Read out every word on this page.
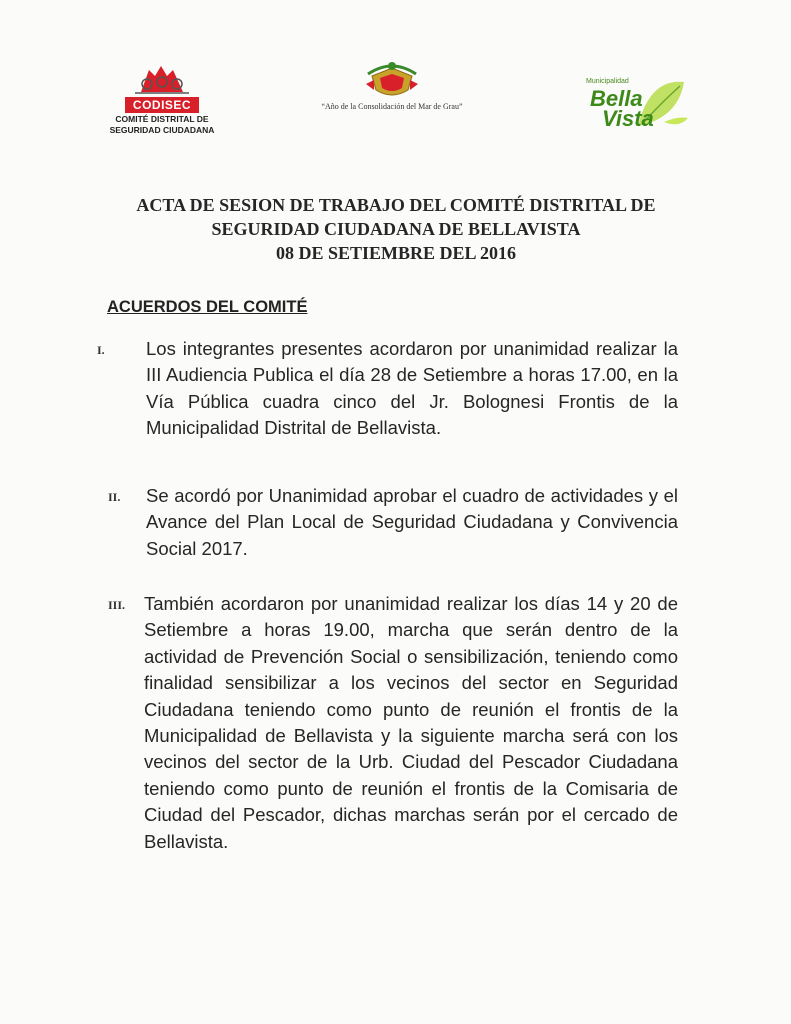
CODISEC
COMITÉ DISTRITAL DE
SEGURIDAD CIUDADANA
“Año de la Consolidación del Mar de Grau”
Municipalidad
Bella
Vista
ACTA DE SESION DE TRABAJO DEL COMITÉ DISTRITAL DE
SEGURIDAD CIUDADANA DE BELLAVISTA
08 DE SETIEMBRE DEL 2016
ACUERDOS DEL COMITÉ
I. Los integrantes presentes acordaron por unanimidad realizar la III Audiencia Publica el día 28 de Setiembre a horas 17.00, en la Vía Pública cuadra cinco del Jr. Bolognesi Frontis de la Municipalidad Distrital de Bellavista.
II. Se acordó por Unanimidad aprobar el cuadro de actividades y el Avance del Plan Local de Seguridad Ciudadana y Convivencia Social 2017.
III. También acordaron por unanimidad realizar los días 14 y 20 de Setiembre a horas 19.00, marcha que serán dentro de la actividad de Prevención Social o sensibilización, teniendo como finalidad sensibilizar a los vecinos del sector en Seguridad Ciudadana teniendo como punto de reunión el frontis de la Municipalidad de Bellavista y la siguiente marcha será con los vecinos del sector de la Urb. Ciudad del Pescador Ciudadana teniendo como punto de reunión el frontis de la Comisaria de Ciudad del Pescador, dichas marchas serán por el cercado de Bellavista.
